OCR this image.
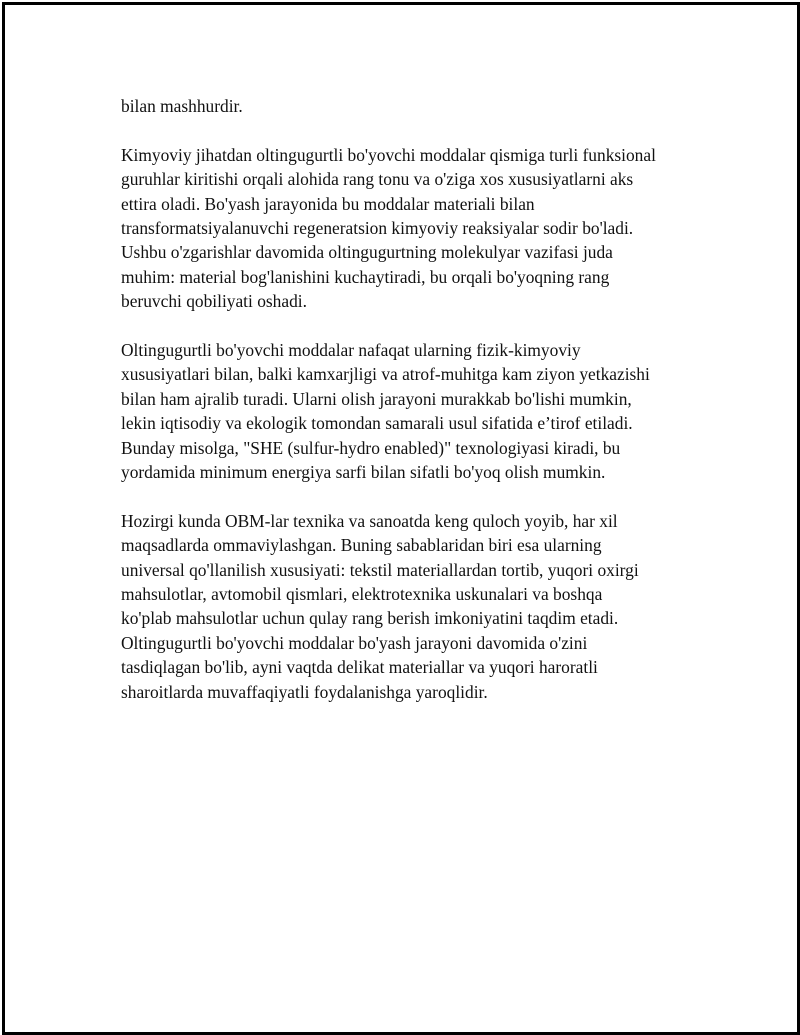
bilan mashhurdir.

Kimyoviy jihatdan oltingugurtli bo'yovchi moddalar qismiga turli funksional
guruhlar kiritishi orqali alohida rang tonu va o'ziga xos xususiyatlarni aks
ettira oladi. Bo'yash jarayonida bu moddalar materiali bilan
transformatsiyalanuvchi regeneratsion kimyoviy reaksiyalar sodir bo'ladi.
Ushbu o'zgarishlar davomida oltingugurtning molekulyar vazifasi juda
muhim: material bog'lanishini kuchaytiradi, bu orqali bo'yoqning rang
beruvchi qobiliyati oshadi.

Oltingugurtli bo'yovchi moddalar nafaqat ularning fizik-kimyoviy
xususiyatlari bilan, balki kamxarjligi va atrof-muhitga kam ziyon yetkazishi
bilan ham ajralib turadi. Ularni olish jarayoni murakkab bo'lishi mumkin,
lekin iqtisodiy va ekologik tomondan samarali usul sifatida e’tirof etiladi.
Bunday misolga, "SHE (sulfur-hydro enabled)" texnologiyasi kiradi, bu
yordamida minimum energiya sarfi bilan sifatli bo'yoq olish mumkin.

Hozirgi kunda OBM-lar texnika va sanoatda keng quloch yoyib, har xil
maqsadlarda ommaviylashgan. Buning sabablaridan biri esa ularning
universal qo'llanilish xususiyati: tekstil materiallardan tortib, yuqori oxirgi
mahsulotlar, avtomobil qismlari, elektrotexnika uskunalari va boshqa
ko'plab mahsulotlar uchun qulay rang berish imkoniyatini taqdim etadi.
Oltingugurtli bo'yovchi moddalar bo'yash jarayoni davomida o'zini
tasdiqlagan bo'lib, ayni vaqtda delikat materiallar va yuqori haroratli
sharoitlarda muvaffaqiyatli foydalanishga yaroqlidir.
